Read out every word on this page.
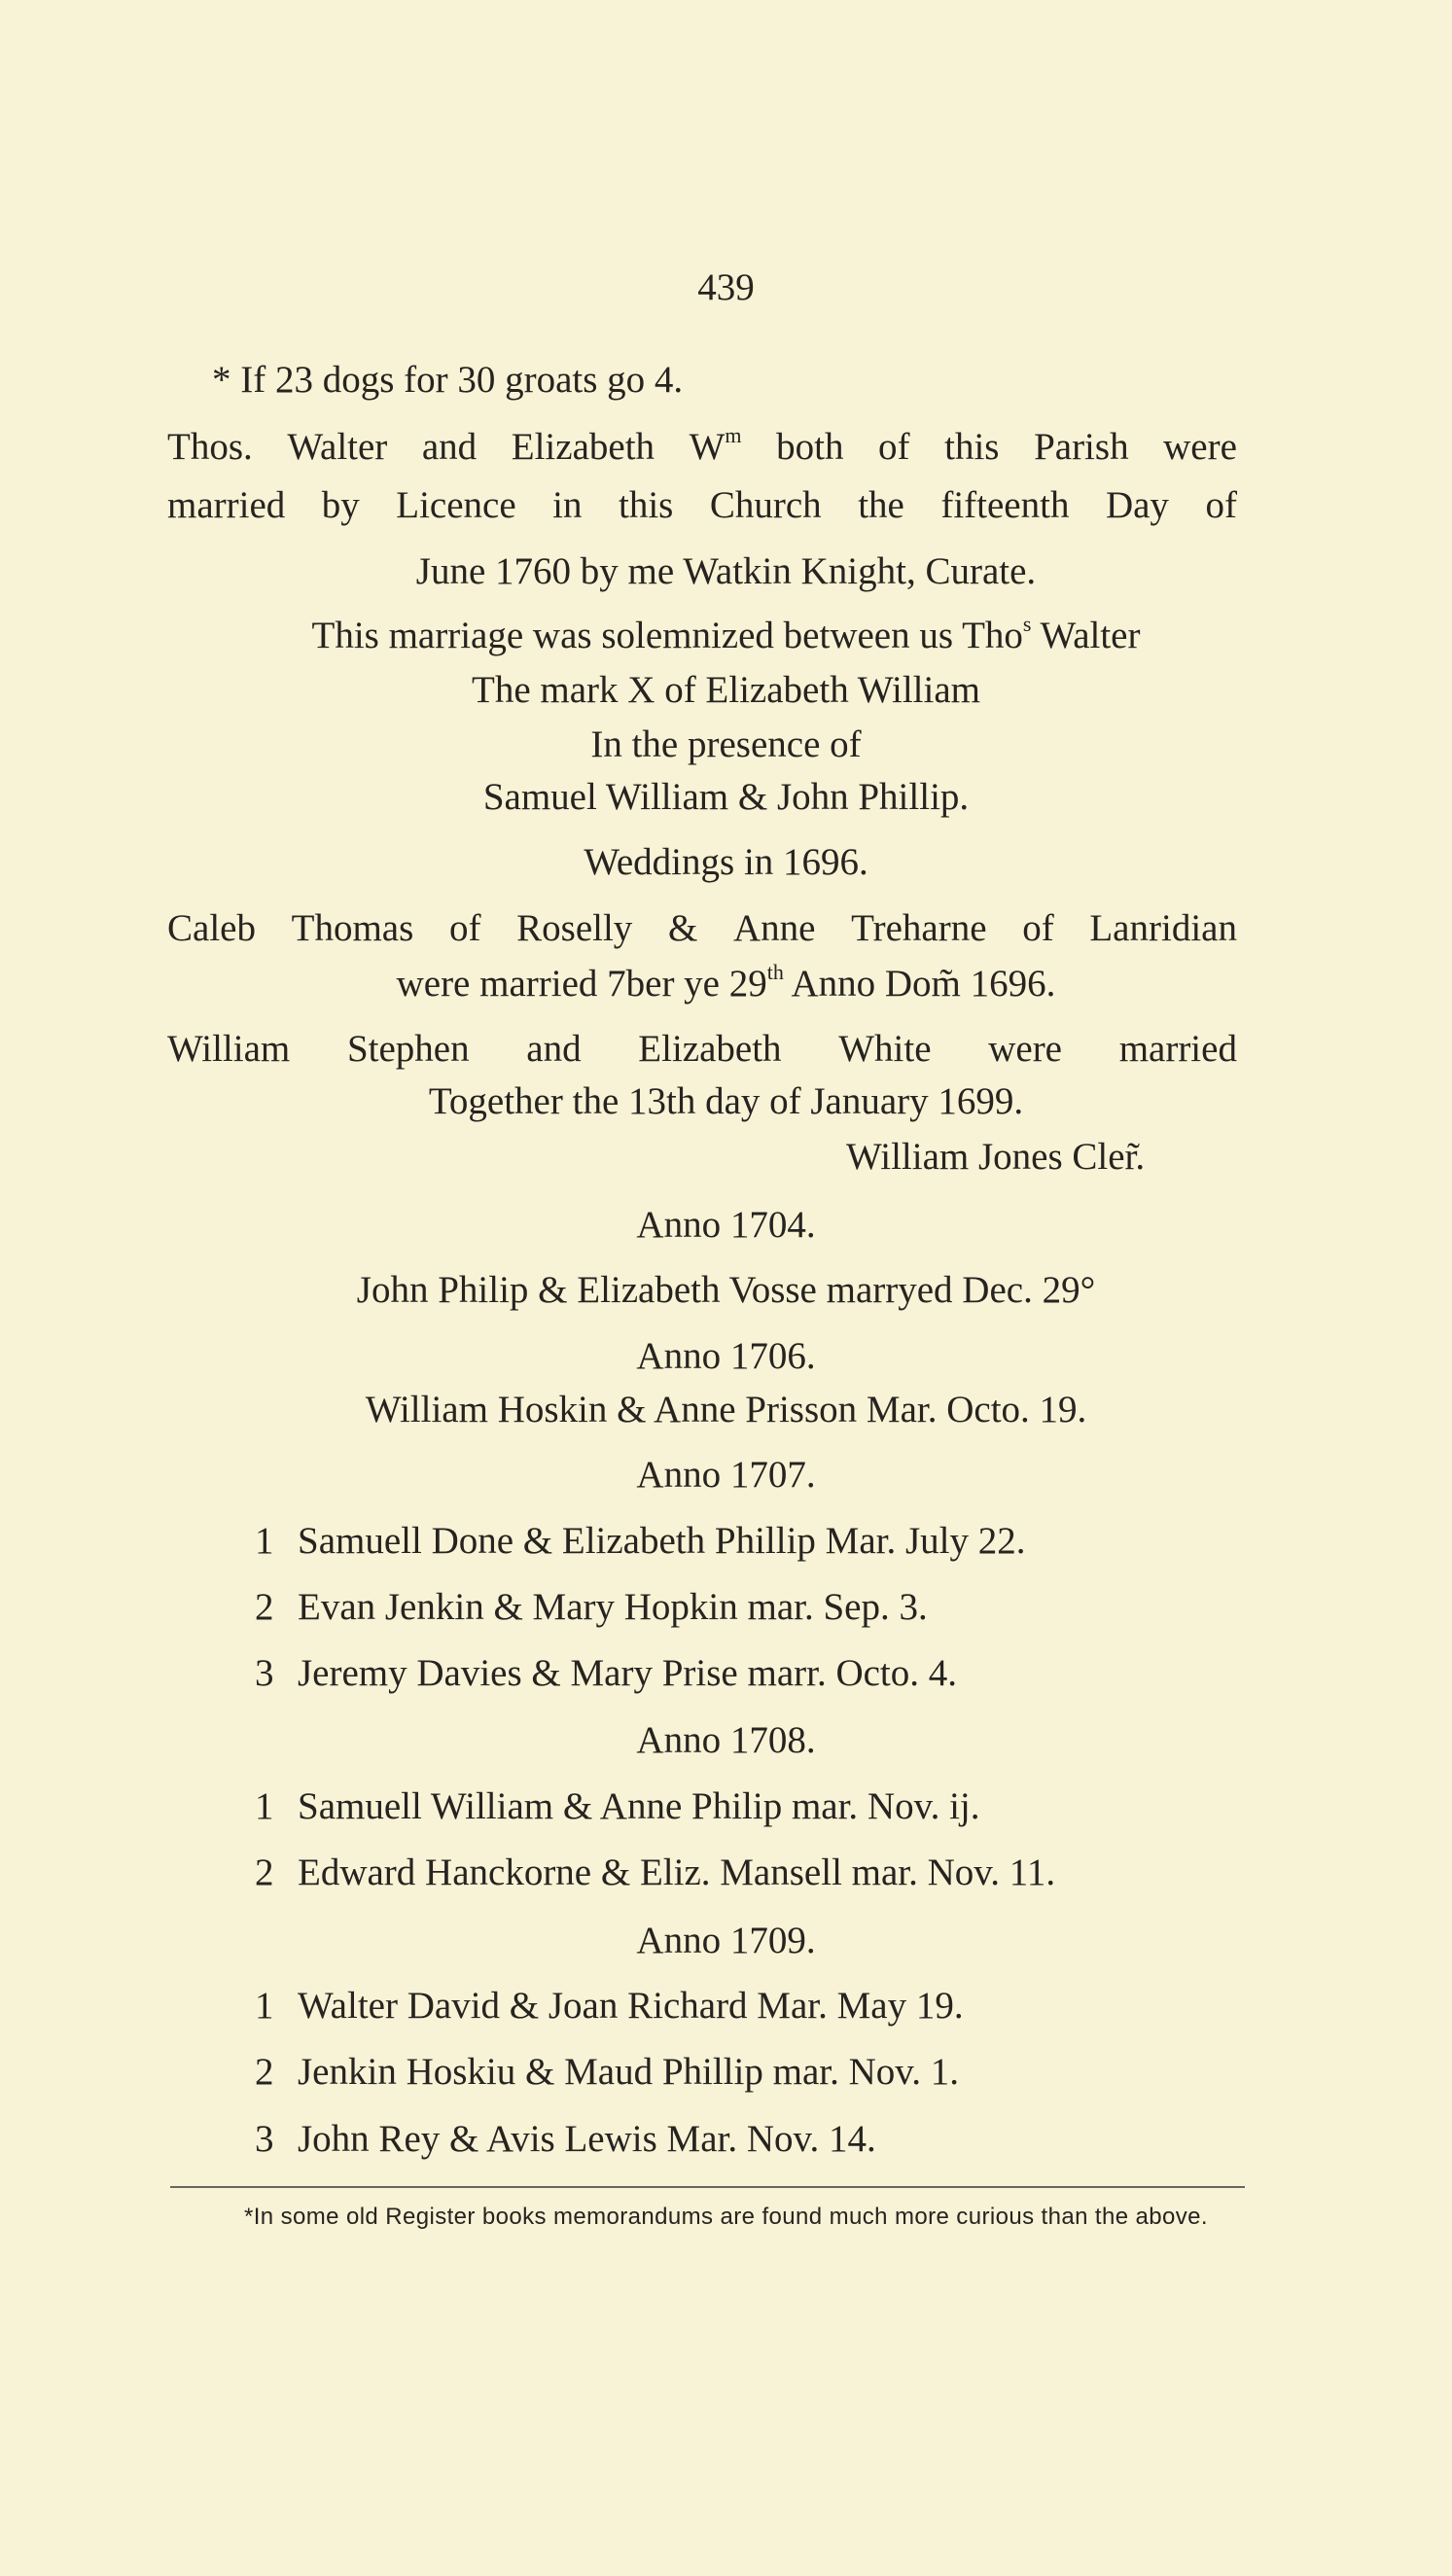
439
* If 23 dogs for 30 groats go 4.
Thos. Walter and Elizabeth $W^m$ both of this Parish were
married by Licence in this Church the fifteenth Day of
June 1760 by me Watkin Knight, Curate.
This marriage was solemnized between us Tho$^s$ Walter
The mark X of Elizabeth William
In the presence of
Samuel William & John Phillip.
Weddings in 1696.
Caleb Thomas of Roselly & Anne Treharne of Lanridian
were married 7ber ye 29th Anno Dom̃ 1696.
William Stephen and Elizabeth White were married
Together the 13th day of January 1699.
William Jones Cler̃.
Anno 1704.
John Philip & Elizabeth Vosse marryed Dec. 29°
Anno 1706.
William Hoskin & Anne Prisson Mar. Octo. 19.
Anno 1707.
1 Samuell Done & Elizabeth Phillip Mar. July 22.
2 Evan Jenkin & Mary Hopkin mar. Sep. 3.
3 Jeremy Davies & Mary Prise marr. Octo. 4.
Anno 1708.
1 Samuell William & Anne Philip mar. Nov. ij.
2 Edward Hanckorne & Eliz. Mansell mar. Nov. 11.
Anno 1709.
1 Walter David & Joan Richard Mar. May 19.
2 Jenkin Hoskiu & Maud Phillip mar. Nov. 1.
3 John Rey & Avis Lewis Mar. Nov. 14.
*In some old Register books memorandums are found much more curious than the above.
